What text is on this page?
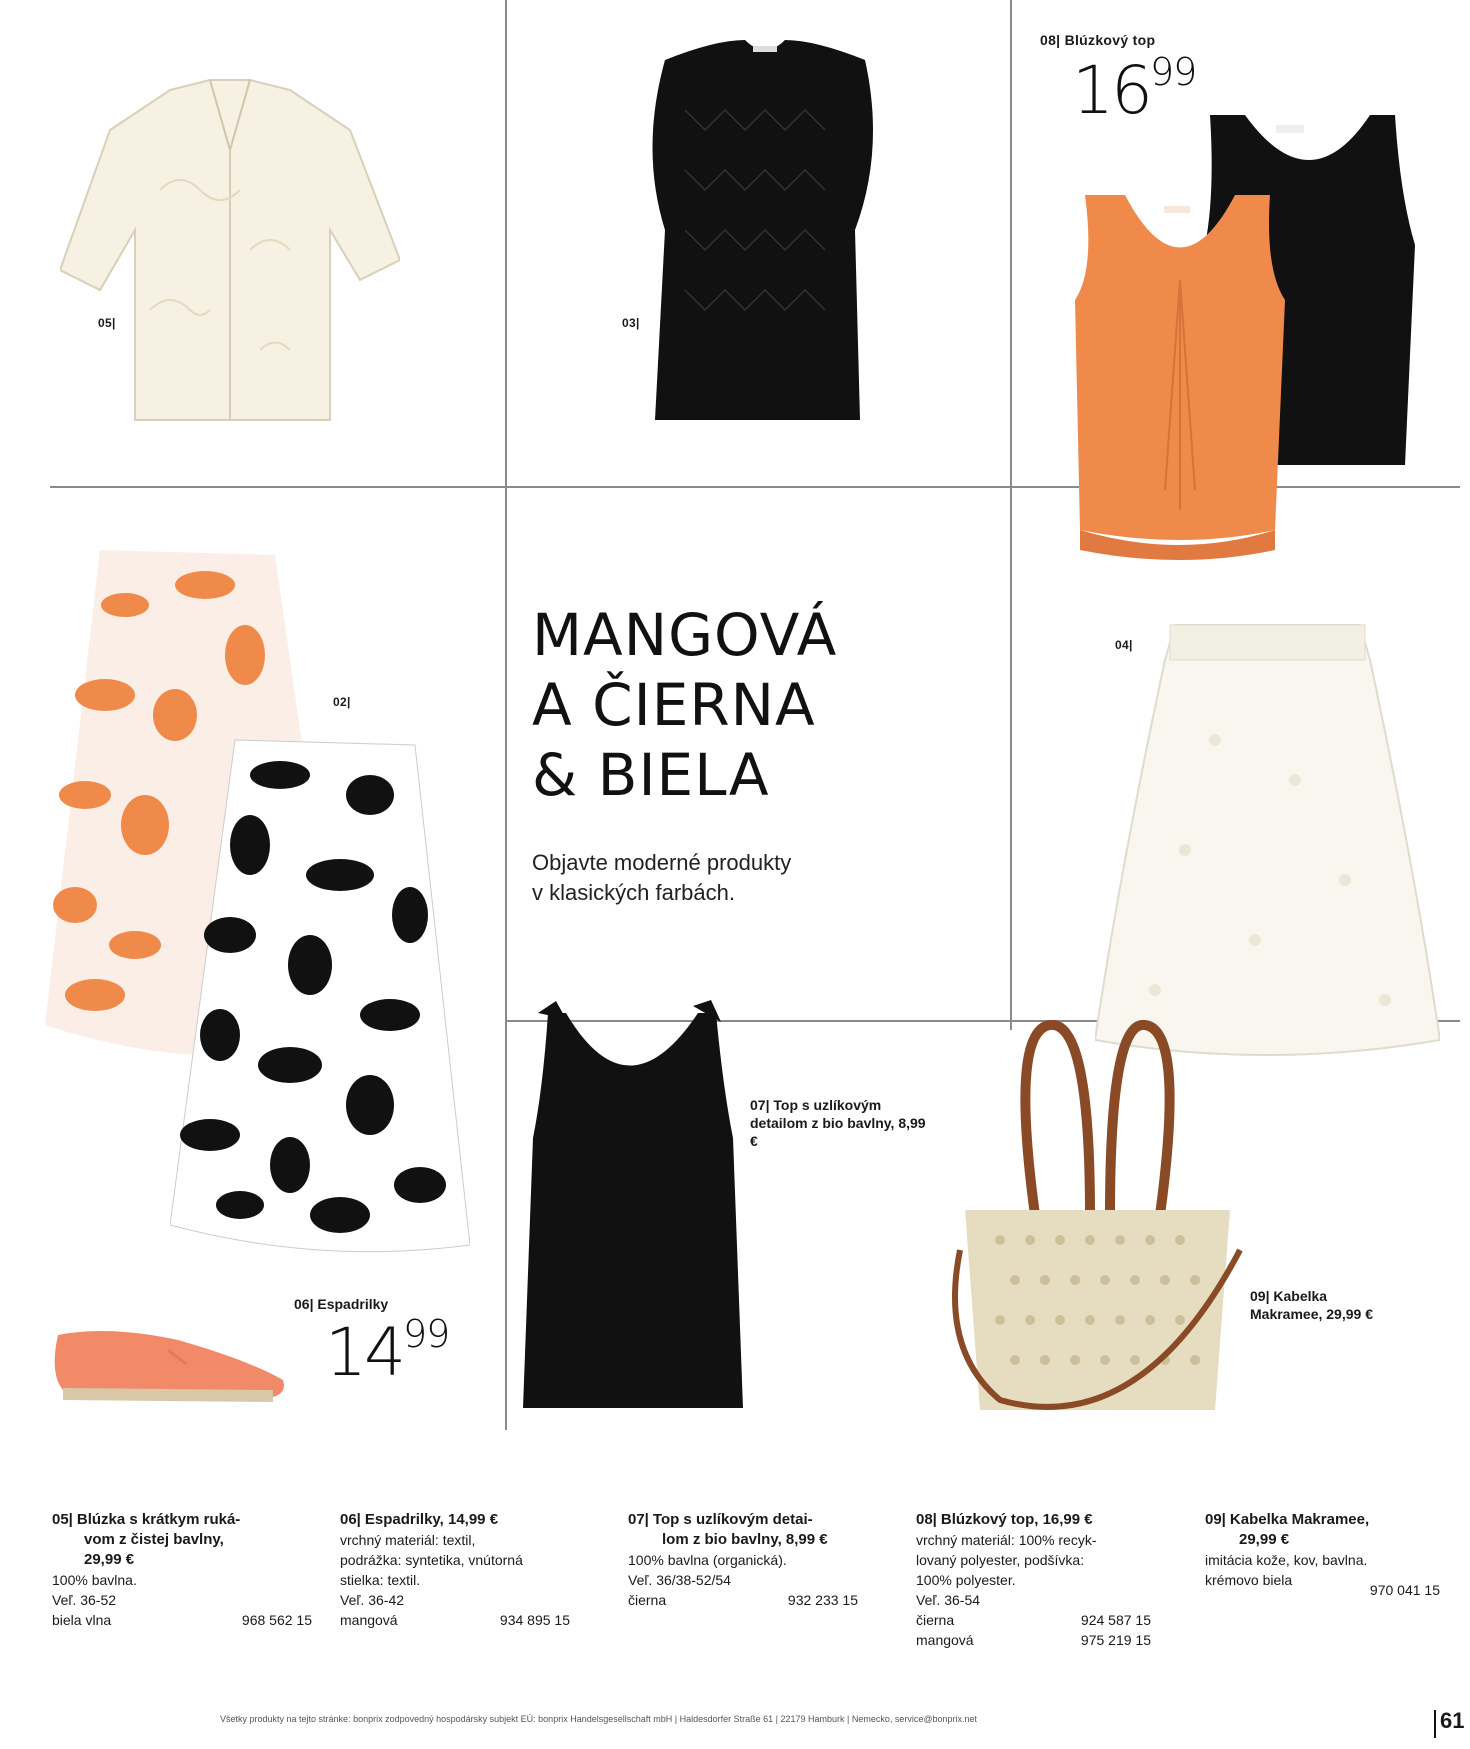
05|	03|
08| Blúzkový top
$16^{99}$
02|
MANGOVÁ
A ČIERNA
& BIELA
Objavte moderné produkty
v klasických farbách.
04|
07| Top s uzlíkovým detailom z bio bavlny, 8,99 €
06| Espadrilky
$14^{99}$
09| Kabelka Makramee, 29,99 €
05| Blúzka s krátkym ruká-
vom z čistej bavlny,
29,99 €
100% bavlna.
Veľ. 36-52
biela vlna	968 562 15
06| Espadrilky, 14,99 €
vrchný materiál: textil,
podrážka: syntetika, vnútorná
stielka: textil.
Veľ. 36-42
mangová	934 895 15
07| Top s uzlíkovým detai-
lom z bio bavlny, 8,99 €
100% bavlna (organická).
Veľ. 36/38-52/54
čierna	932 233 15
08| Blúzkový top, 16,99 €
vrchný materiál: 100% recyk-
lovaný polyester, podšívka:
100% polyester.
Veľ. 36-54
čierna	924 587 15
mangová	975 219 15
09| Kabelka Makramee,
29,99 €
imitácia kože, kov, bavlna.
krémovo biela
970 041 15
Všetky produkty na tejto stránke: bonprix zodpovedný hospodársky subjekt EÚ: bonprix Handelsgesellschaft mbH | Haldesdorfer Straße 61 | 22179 Hamburk | Nemecko, service@bonprix.net	61
